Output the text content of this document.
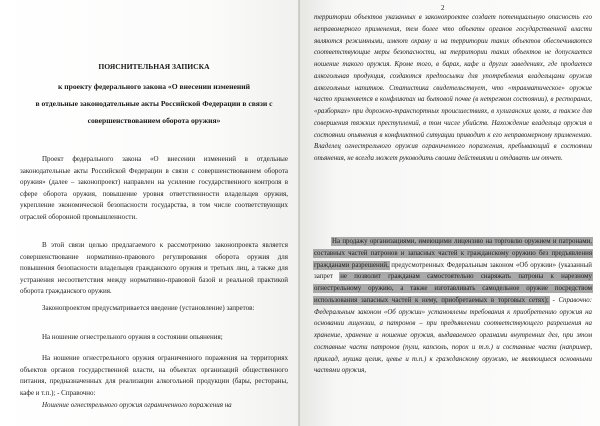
ПОЯСНИТЕЛЬНАЯ ЗАПИСКА
к проекту федерального закона «О внесении изменений
в отдельные законодательные акты Российской Федерации в связи с
совершенствованием оборота оружия»
Проект федерального закона «О внесении изменений в отдельные законодательные акты Российской Федерации в связи с совершенствованием оборота оружия» (далее – законопроект) направлен на усиление государственного контроля в сфере оборота оружия, повышение уровня ответственности владельцев оружия, укрепление экономической безопасности государства, в том числе соответствующих отраслей оборонной промышленности.
В этой связи целью предлагаемого к рассмотрению законопроекта является совершенствование нормативно-правового регулирования оборота оружия для повышения безопасности владельцев гражданского оружия и третьих лиц, а также для устранения несоответствия между нормативно-правовой базой и реальной практикой оборота гражданского оружия.
Законопроектом предусматривается введение (установление) запретов:
На ношение огнестрельного оружия в состоянии опьянения;
На ношение огнестрельного оружия ограниченного поражения на территориях объектов органов государственной власти, на объектах организаций общественного питания, предназначенных для реализации алкогольной продукции (бары, рестораны, кафе и т.п.); - Справочно:
Ношение огнестрельного оружия ограниченного поражения на
2
территории объектов указанных в законопроекте создает потенциальную опасность его неправомерного применения, тем более что объекты органов государственной власти являются режимными, имеют охрану и на территории таких объектов обеспечиваются соответствующие меры безопасности, на территории таких объектов не допускается ношение такого оружия. Кроме того, в барах, кафе и других заведениях, где продается алкогольная продукция, создаются предпосылки для употребления владельцами оружия алкогольных напитков. Статистика свидетельствует, что «травматическое» оружие часто применяется в конфликтах на бытовой почве (в нетрезвом состоянии), в ресторанах, «разборках» при дорожно-транспортных происшествиях, в хулиганских целях, а также для совершения тяжких преступлений, в том числе убийств. Нахождение владельца оружия в состоянии опьянения в конфликтной ситуации приводит к его неправомерному применению. Владелец огнестрельного оружия ограниченного поражения, пребывающий в состоянии опьянения, не всегда может руководить своими действиями и отдавать им отчет.
На продажу организациями, имеющими лицензию на торговлю оружием и патронами, составных частей патронов и запасных частей к гражданскому оружию без предъявления гражданами разрешений, предусмотренных Федеральным законом «Об оружии» (указанный запрет не позволит гражданам самостоятельно снаряжать патроны к нарезному огнестрельному оружию, а также изготавливать самодельное оружие посредством использования запасных частей к нему, приобретаемых в торговых сетях); - Справочно: Федеральным законом «Об оружии» установлены требования к приобретению оружия на основании лицензии, а патронов – при предъявлении соответствующего разрешения на хранение, хранение и ношение оружия, выдаваемого органами внутренних дел, при этом составные части патронов (пули, капсюль, порох и т.п.) и составные части (например, приклад, мушка целик, цевье и т.п.) к гражданскому оружию, не являющиеся основными частями оружия,
